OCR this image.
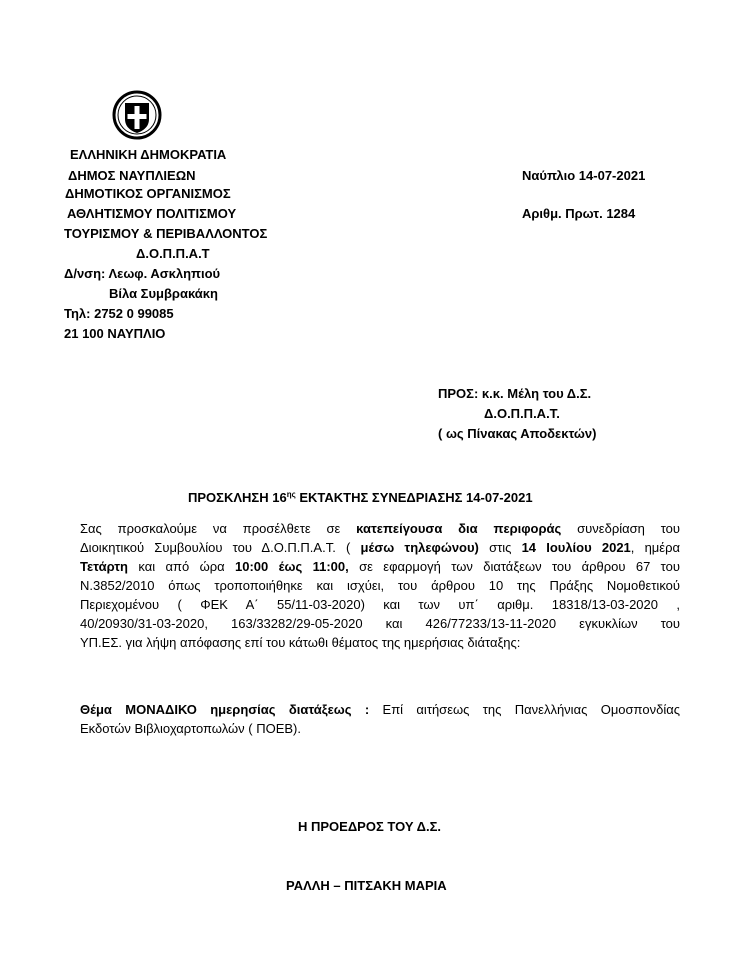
ΕΛΛΗΝΙΚΗ ΔΗΜΟΚΡΑΤΙΑ
ΔΗΜΟΣ ΝΑΥΠΛΙΕΩΝ
ΔΗΜΟΤΙΚΟΣ ΟΡΓΑΝΙΣΜΟΣ
ΑΘΛΗΤΙΣΜΟΥ ΠΟΛΙΤΙΣΜΟΥ
ΤΟΥΡΙΣΜΟΥ & ΠΕΡΙΒΑΛΛΟΝΤΟΣ
Δ.Ο.Π.Π.Α.Τ
Δ/νση: Λεωφ. Ασκληπιού
Βίλα Συμβρακάκη
Τηλ: 2752 0 99085
21 100 ΝΑΥΠΛΙΟ
Ναύπλιο 14-07-2021
Αριθμ. Πρωτ. 1284
ΠΡΟΣ: κ.κ. Μέλη του Δ.Σ.
Δ.Ο.Π.Π.Α.Τ.
( ως Πίνακας Αποδεκτών)
ΠΡΟΣΚΛΗΣΗ $16^{\eta\varsigma}$ ΕΚΤΑΚΤΗΣ ΣΥΝΕΔΡΙΑΣΗΣ 14-07-2021
Σας προσκαλούμε να προσέλθετε σε κατεπείγουσα δια περιφοράς συνεδρίαση του
Διοικητικού Συμβουλίου του Δ.Ο.Π.Π.Α.Τ. ( μέσω τηλεφώνου) στις 14 Ιουλίου 2021, ημέρα
Τετάρτη και από ώρα 10:00 έως 11:00, σε εφαρμογή των διατάξεων του άρθρου 67 του
Ν.3852/2010 όπως τροποποιήθηκε και ισχύει, του άρθρου 10 της Πράξης Νομοθετικού
Περιεχομένου ( ΦΕΚ Α΄ 55/11-03-2020) και των υπ΄ αριθμ. 18318/13-03-2020 ,
40/20930/31-03-2020, 163/33282/29-05-2020 και 426/77233/13-11-2020 εγκυκλίων του
ΥΠ.ΕΣ. για λήψη απόφασης επί του κάτωθι θέματος της ημερήσιας διάταξης:
Θέμα ΜΟΝΑΔΙΚΟ ημερησίας διατάξεως : Επί αιτήσεως της Πανελλήνιας Ομοσπονδίας
Εκδοτών Βιβλιοχαρτοπωλών ( ΠΟΕΒ).
Η ΠΡΟΕΔΡΟΣ ΤΟΥ Δ.Σ.
ΡΑΛΛΗ – ΠΙΤΣΑΚΗ ΜΑΡΙΑ
